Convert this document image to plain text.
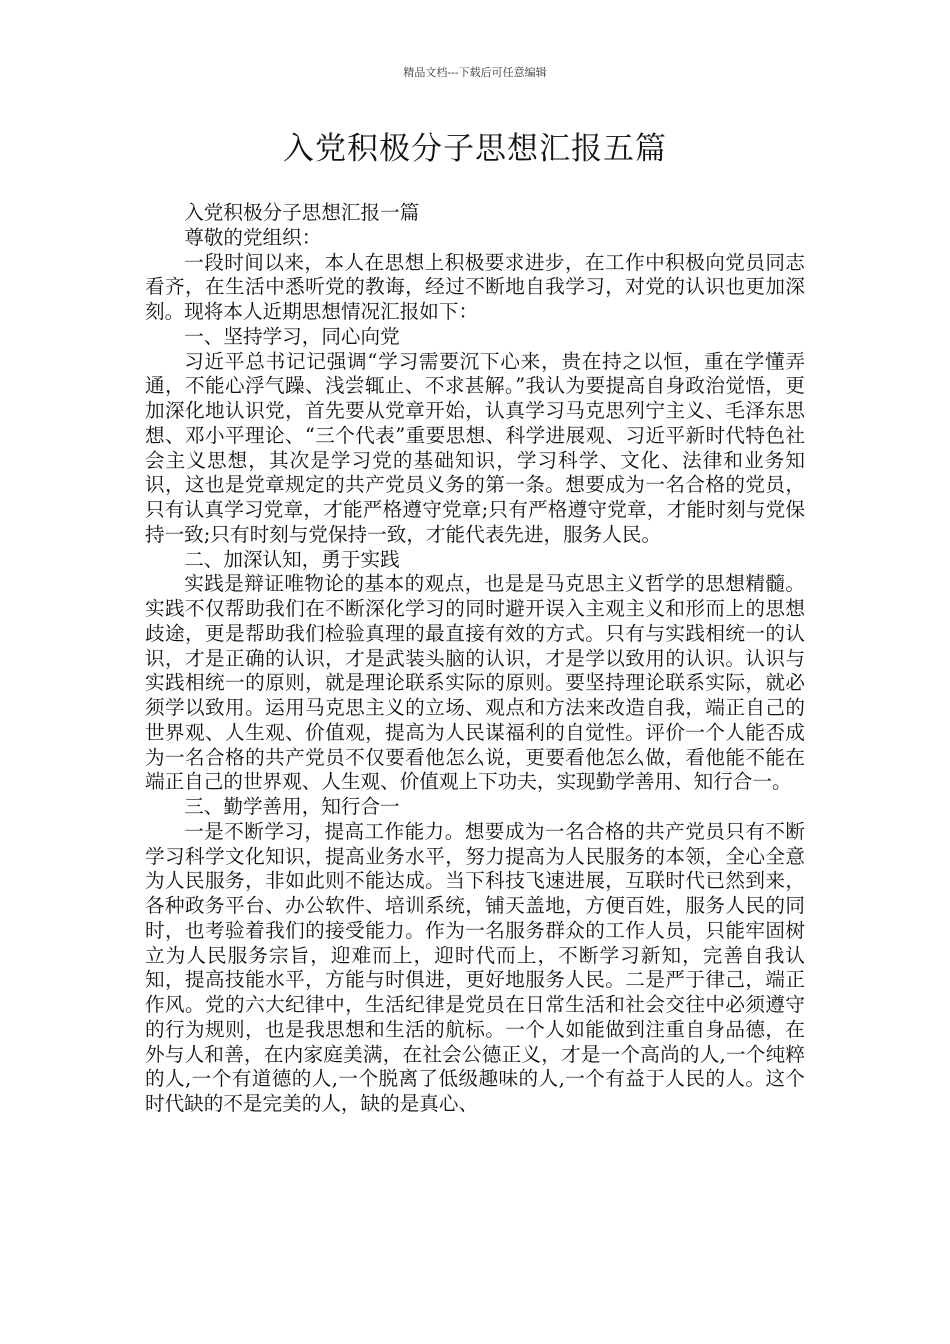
精品文档---下载后可任意编辑
入党积极分子思想汇报五篇

入党积极分子思想汇报一篇

尊敬的党组织：

一段时间以来，本人在思想上积极要求进步，在工作中积极向党员同志看齐，在生活中悉听党的教诲，经过不断地自我学习，对党的认识也更加深刻。现将本人近期思想情况汇报如下：

一、坚持学习，同心向党

习近平总书记记强调“学习需要沉下心来，贵在持之以恒，重在学懂弄通，不能心浮气躁、浅尝辄止、不求甚解。”我认为要提高自身政治觉悟，更加深化地认识党，首先要从党章开始，认真学习马克思列宁主义、毛泽东思想、邓小平理论、“三个代表”重要思想、科学进展观、习近平新时代特色社会主义思想，其次是学习党的基础知识，学习科学、文化、法律和业务知识，这也是党章规定的共产党员义务的第一条。想要成为一名合格的党员，只有认真学习党章，才能严格遵守党章;只有严格遵守党章，才能时刻与党保持一致;只有时刻与党保持一致，才能代表先进，服务人民。

二、加深认知，勇于实践

实践是辩证唯物论的基本的观点，也是是马克思主义哲学的思想精髓。实践不仅帮助我们在不断深化学习的同时避开误入主观主义和形而上的思想歧途，更是帮助我们检验真理的最直接有效的方式。只有与实践相统一的认识，才是正确的认识，才是武装头脑的认识，才是学以致用的认识。认识与实践相统一的原则，就是理论联系实际的原则。要坚持理论联系实际，就必须学以致用。运用马克思主义的立场、观点和方法来改造自我，端正自己的世界观、人生观、价值观，提高为人民谋福利的自觉性。评价一个人能否成为一名合格的共产党员不仅要看他怎么说，更要看他怎么做，看他能不能在端正自己的世界观、人生观、价值观上下功夫，实现勤学善用、知行合一。

三、勤学善用，知行合一

一是不断学习，提高工作能力。想要成为一名合格的共产党员只有不断学习科学文化知识，提高业务水平，努力提高为人民服务的本领，全心全意为人民服务，非如此则不能达成。当下科技飞速进展，互联时代已然到来，各种政务平台、办公软件、培训系统，铺天盖地，方便百姓，服务人民的同时，也考验着我们的接受能力。作为一名服务群众的工作人员，只能牢固树立为人民服务宗旨，迎难而上，迎时代而上，不断学习新知，完善自我认知，提高技能水平，方能与时俱进，更好地服务人民。二是严于律己，端正作风。党的六大纪律中，生活纪律是党员在日常生活和社会交往中必须遵守的行为规则，也是我思想和生活的航标。一个人如能做到注重自身品德，在外与人和善，在内家庭美满，在社会公德正义，才是一个高尚的人,一个纯粹的人,一个有道德的人,一个脱离了低级趣味的人,一个有益于人民的人。这个时代缺的不是完美的人，缺的是真心、
